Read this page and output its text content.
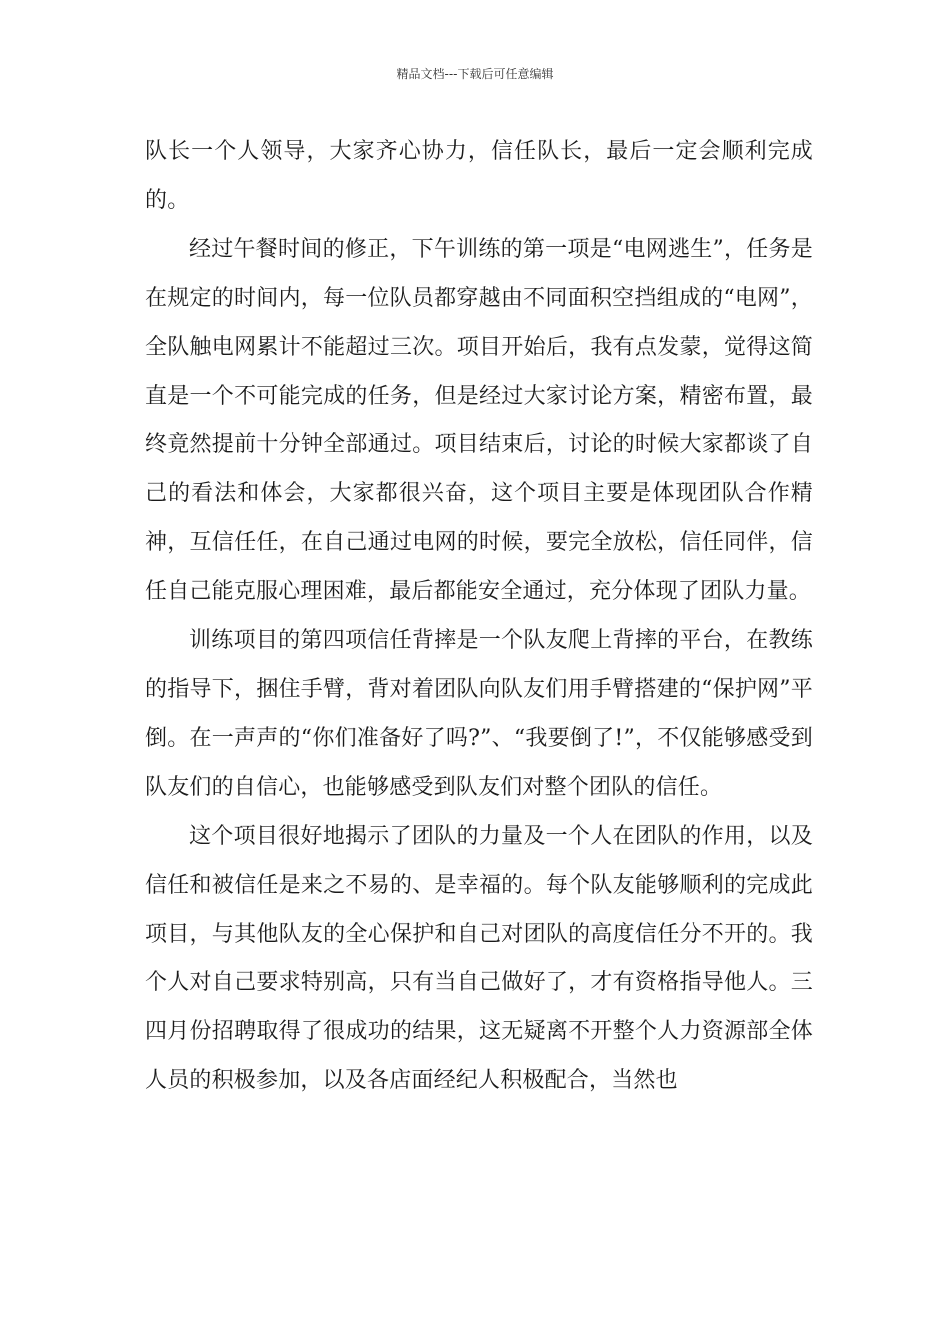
精品文档---下载后可任意编辑

队长一个人领导，大家齐心协力，信任队长，最后一定会顺利完成的。

经过午餐时间的修正，下午训练的第一项是“电网逃生”，任务是在规定的时间内，每一位队员都穿越由不同面积空挡组成的“电网”，全队触电网累计不能超过三次。项目开始后，我有点发蒙，觉得这简直是一个不可能完成的任务，但是经过大家讨论方案，精密布置，最终竟然提前十分钟全部通过。项目结束后，讨论的时候大家都谈了自己的看法和体会，大家都很兴奋，这个项目主要是体现团队合作精神，互信任任，在自己通过电网的时候，要完全放松，信任同伴，信任自己能克服心理困难，最后都能安全通过，充分体现了团队力量。

训练项目的第四项信任背摔是一个队友爬上背摔的平台，在教练的指导下，捆住手臂，背对着团队向队友们用手臂搭建的“保护网”平倒。在一声声的“你们准备好了吗?”、“我要倒了!”，不仅能够感受到队友们的自信心，也能够感受到队友们对整个团队的信任。

这个项目很好地揭示了团队的力量及一个人在团队的作用，以及信任和被信任是来之不易的、是幸福的。每个队友能够顺利的完成此项目，与其他队友的全心保护和自己对团队的高度信任分不开的。我个人对自己要求特别高，只有当自己做好了，才有资格指导他人。三四月份招聘取得了很成功的结果，这无疑离不开整个人力资源部全体人员的积极参加，以及各店面经纪人积极配合，当然也
